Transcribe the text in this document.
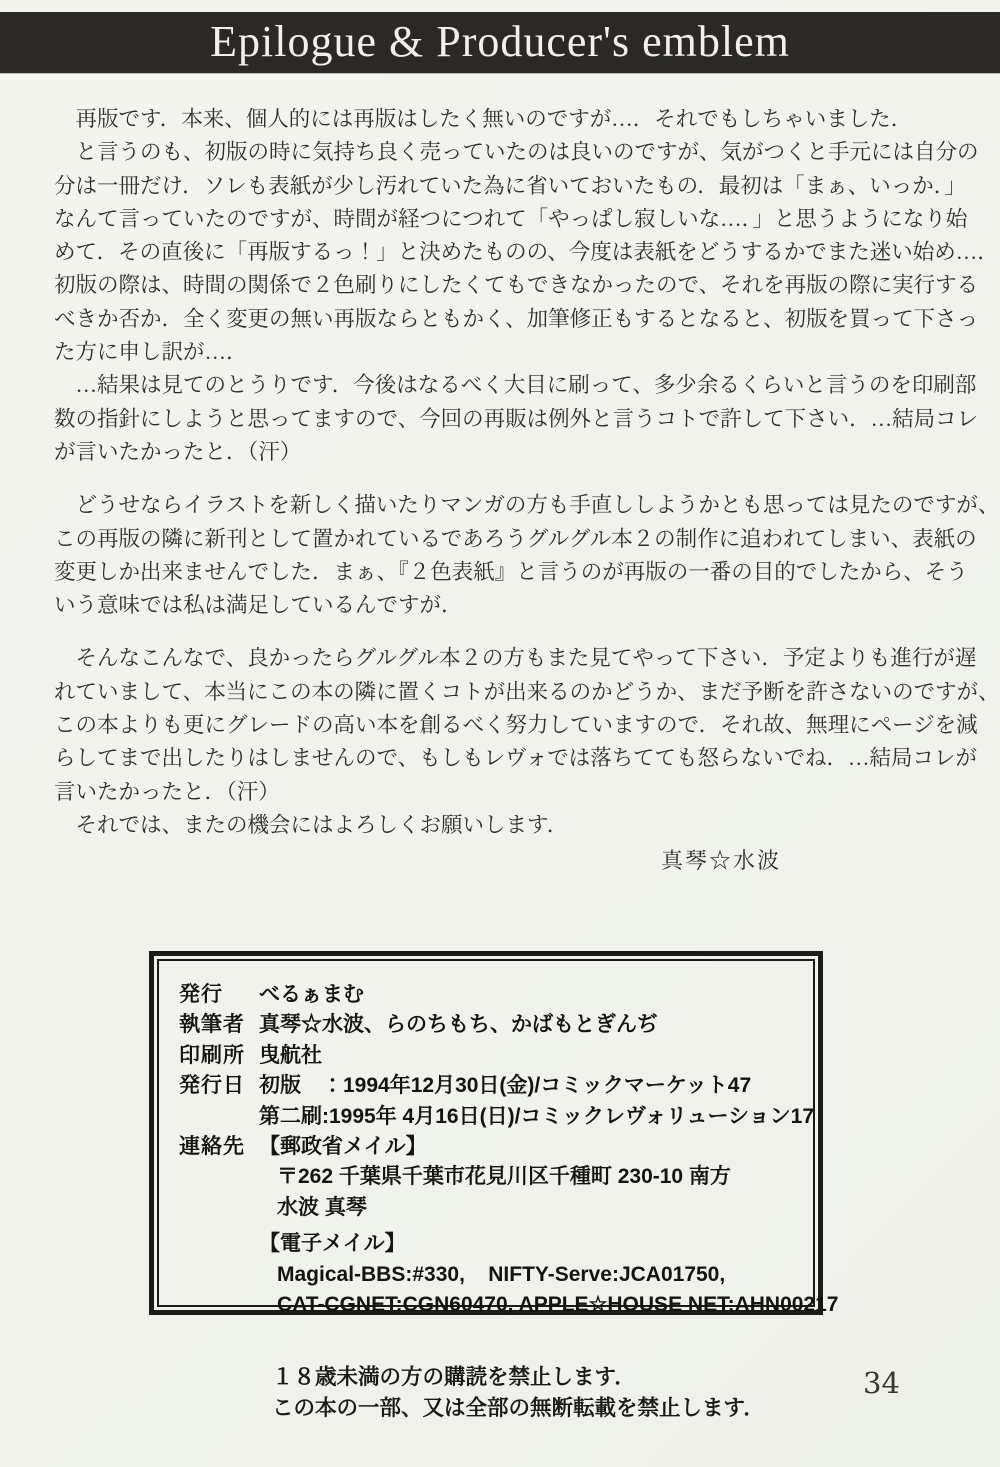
Epilogue & Producer's emblem
　再版です．本来、個人的には再版はしたく無いのですが…．それでもしちゃいました．
　と言うのも、初版の時に気持ち良く売っていたのは良いのですが、気がつくと手元には自分の
分は一冊だけ．ソレも表紙が少し汚れていた為に省いておいたもの．最初は「まぁ、いっか．」
なんて言っていたのですが、時間が経つにつれて「やっぱし寂しいな…．」と思うようになり始
めて．その直後に「再版するっ！」と決めたものの、今度は表紙をどうするかでまた迷い始め…．
初版の際は、時間の関係で２色刷りにしたくてもできなかったので、それを再版の際に実行する
べきか否か．全く変更の無い再版ならともかく、加筆修正もするとなると、初版を買って下さっ
た方に申し訳が…．
　…結果は見てのとうりです．今後はなるべく大目に刷って、多少余るくらいと言うのを印刷部
数の指針にしようと思ってますので、今回の再販は例外と言うコトで許して下さい．…結局コレ
が言いたかったと．（汗）
　どうせならイラストを新しく描いたりマンガの方も手直ししようかとも思っては見たのですが、
この再版の隣に新刊として置かれているであろうグルグル本２の制作に追われてしまい、表紙の
変更しか出来ませんでした．まぁ、『２色表紙』と言うのが再版の一番の目的でしたから、そう
いう意味では私は満足しているんですが．
　そんなこんなで、良かったらグルグル本２の方もまた見てやって下さい．予定よりも進行が遅
れていまして、本当にこの本の隣に置くコトが出来るのかどうか、まだ予断を許さないのですが、
この本よりも更にグレードの高い本を創るべく努力していますので．それ故、無理にページを減
らしてまで出したりはしませんので、もしもレヴォでは落ちてても怒らないでね．…結局コレが
言いたかったと．（汗）
　それでは、またの機会にはよろしくお願いします．
真琴☆水波
発行	べるぁまむ
執筆者 真琴☆水波、らのちもち、かばもとぎんぢ
印刷所 曳航社
発行日 初版　：1994年12月30日(金)/コミックマーケット47
第二刷:1995年 4月16日(日)/コミックレヴォリューション17
連絡先 【郵政省メイル】
〒262 千葉県千葉市花見川区千種町 230-10 南方
水波 真琴
【電子メイル】
Magical-BBS:#330,    NIFTY-Serve:JCA01750,
CAT-CGNET:CGN60470, APPLE☆HOUSE NET:AHN00217
１８歳未満の方の購読を禁止します．
この本の一部、又は全部の無断転載を禁止します．
34
